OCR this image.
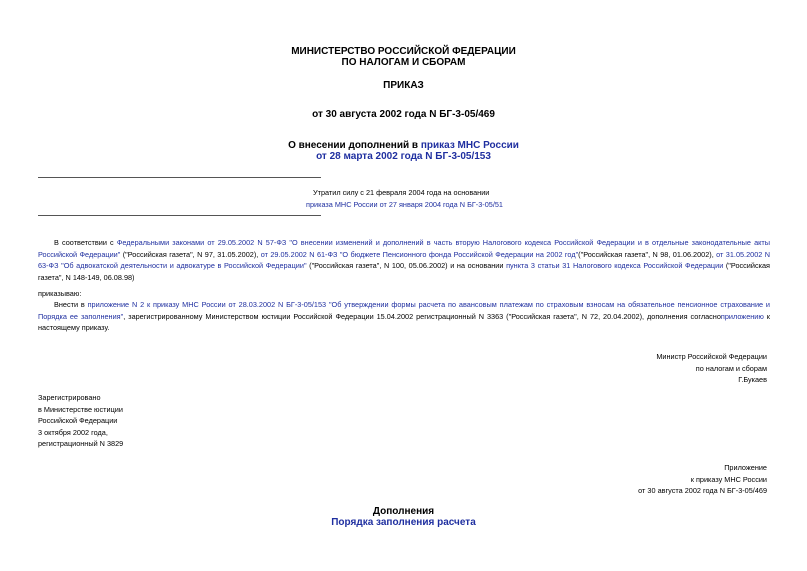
МИНИСТЕРСТВО РОССИЙСКОЙ ФЕДЕРАЦИИ
ПО НАЛОГАМ И СБОРАМ
ПРИКАЗ
от 30 августа 2002 года N БГ-3-05/469
О внесении дополнений в приказ МНС России
от 28 марта 2002 года N БГ-3-05/153
Утратил силу с 21 февраля 2004 года на основании
приказа МНС России от 27 января 2004 года N БГ-3-05/51
В соответствии с Федеральными законами от 29.05.2002 N 57-ФЗ "О внесении изменений и дополнений в часть вторую Налогового кодекса Российской Федерации и в отдельные законодательные акты Российской Федерации" ("Российская газета", N 97, 31.05.2002), от 29.05.2002 N 61-ФЗ "О бюджете Пенсионного фонда Российской Федерации на 2002 год"("Российская газета", N 98, 01.06.2002), от 31.05.2002 N 63-ФЗ "Об адвокатской деятельности и адвокатуре в Российской Федерации" ("Российская газета", N 100, 05.06.2002) и на основании пункта 3 статьи 31 Налогового кодекса Российской Федерации ("Российская газета", N 148-149, 06.08.98)
приказываю:
Внести в приложение N 2 к приказу МНС России от 28.03.2002 N БГ-3-05/153 "Об утверждении формы расчета по авансовым платежам по страховым взносам на обязательное пенсионное страхование и Порядка ее заполнения", зарегистрированному Министерством юстиции Российской Федерации 15.04.2002 регистрационный N 3363 ("Российская газета", N 72, 20.04.2002), дополнения согласноприложению к настоящему приказу.
Министр Российской Федерации
по налогам и сборам
Г.Букаев
Зарегистрировано
в Министерстве юстиции
Российской Федерации
3 октября 2002 года,
регистрационный N 3829
Приложение
к приказу МНС России
от 30 августа 2002 года N БГ-3-05/469
Дополнения
Порядка заполнения расчета
